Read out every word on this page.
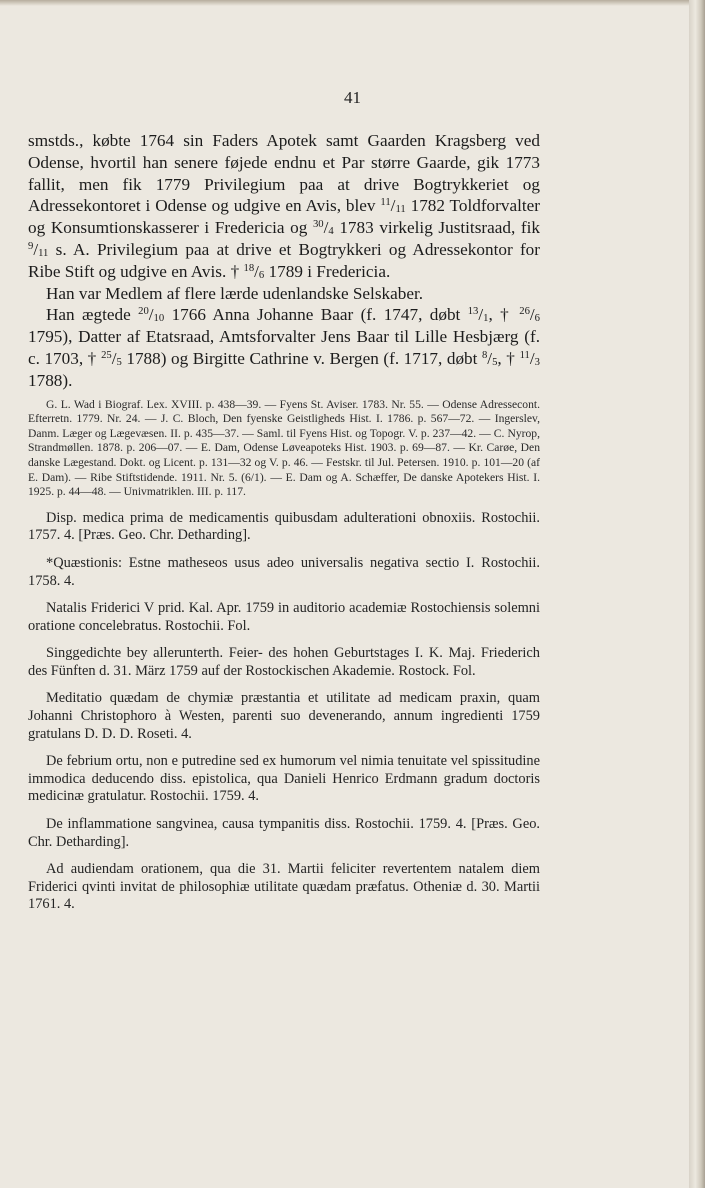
41

smstds., købte 1764 sin Faders Apotek samt Gaarden Kragsberg ved Odense, hvortil han senere føjede endnu et Par større Gaarde, gik 1773 fallit, men fik 1779 Privilegium paa at drive Bogtrykkeriet og Adressekontoret i Odense og udgive en Avis, blev $^{11}/_{11}$ 1782 Toldforvalter og Konsumtionskasserer i Fredericia og $^{30}/_4$ 1783 virkelig Justitsraad, fik $^9/_{11}$ s. A. Privilegium paa at drive et Bogtrykkeri og Adressekontor for Ribe Stift og udgive en Avis. † $^{18}/_6$ 1789 i Fredericia.

Han var Medlem af flere lærde udenlandske Selskaber.

Han ægtede $^{20}/_{10}$ 1766 Anna Johanne Baar (f. 1747, døbt $^{13}/_1$, † $^{26}/_6$ 1795), Datter af Etatsraad, Amtsforvalter Jens Baar til Lille Hesbjærg (f. c. 1703, † $^{25}/_5$ 1788) og Birgitte Cathrine v. Bergen (f. 1717, døbt $^8/_5$, † $^{11}/_3$ 1788).

G. L. Wad i Biograf. Lex. XVIII. p. 438—39. — Fyens St. Aviser. 1783. Nr. 55. — Odense Adressecont. Efterretn. 1779. Nr. 24. — J. C. Bloch, Den fyenske Geistligheds Hist. I. 1786. p. 567—72. — Ingerslev, Danm. Læger og Lægevæsen. II. p. 435—37. — Saml. til Fyens Hist. og Topogr. V. p. 237—42. — C. Nyrop, Strandmøllen. 1878. p. 206—07. — E. Dam, Odense Løveapoteks Hist. 1903. p. 69—87. — Kr. Carøe, Den danske Lægestand. Dokt. og Licent. p. 131—32 og V. p. 46. — Festskr. til Jul. Petersen. 1910. p. 101—20 (af E. Dam). — Ribe Stiftstidende. 1911. Nr. 5. (6/1). — E. Dam og A. Schæffer, De danske Apotekers Hist. I. 1925. p. 44—48. — Univmatriklen. III. p. 117.

Disp. medica prima de medicamentis quibusdam adulterationi obnoxiis. Rostochii. 1757. 4. [Præs. Geo. Chr. Detharding].

*Quæstionis: Estne matheseos usus adeo universalis negativa sectio I. Rostochii. 1758. 4.

Natalis Friderici V prid. Kal. Apr. 1759 in auditorio academiæ Rostochiensis solemni oratione concelebratus. Rostochii. Fol.

Singgedichte bey allerunterth. Feier- des hohen Geburtstages I. K. Maj. Friederich des Fünften d. 31. März 1759 auf der Rostockischen Akademie. Rostock. Fol.

Meditatio quædam de chymiæ præstantia et utilitate ad medicam praxin, quam Johanni Christophoro à Westen, parenti suo devenerando, annum ingredienti 1759 gratulans D. D. D. Roseti. 4.

De febrium ortu, non e putredine sed ex humorum vel nimia tenuitate vel spissitudine immodica deducendo diss. epistolica, qua Danieli Henrico Erdmann gradum doctoris medicinæ gratulatur. Rostochii. 1759. 4.

De inflammatione sangvinea, causa tympanitis diss. Rostochii. 1759. 4. [Præs. Geo. Chr. Detharding].

Ad audiendam orationem, qua die 31. Martii feliciter revertentem natalem diem Friderici qvinti invitat de philosophiæ utilitate quædam præfatus. Otheniæ d. 30. Martii 1761. 4.
